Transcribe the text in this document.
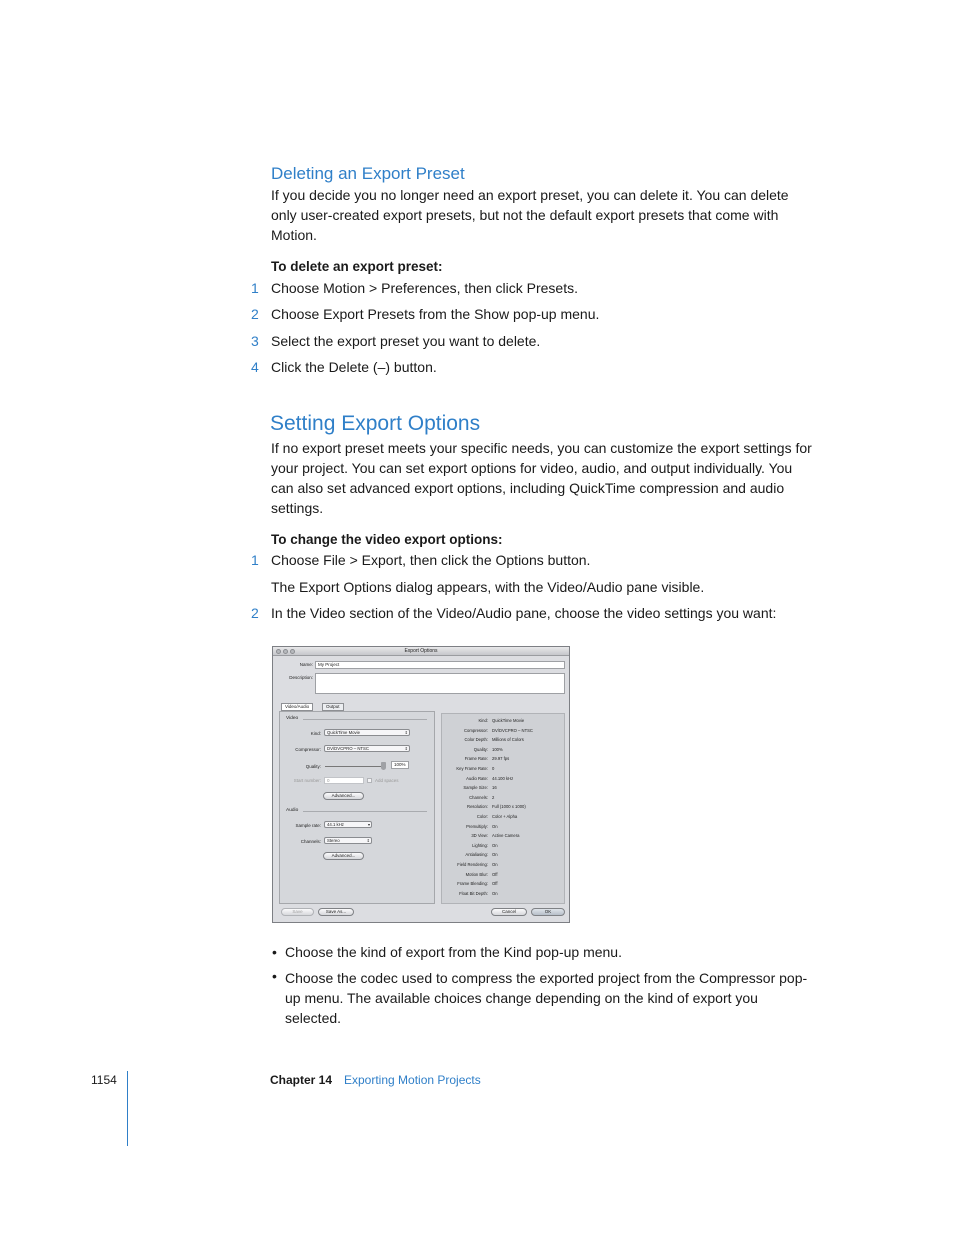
Deleting an Export Preset
If you decide you no longer need an export preset, you can delete it. You can delete
only user-created export presets, but not the default export presets that come with
Motion.
To delete an export preset:
1 Choose Motion > Preferences, then click Presets.
2 Choose Export Presets from the Show pop-up menu.
3 Select the export preset you want to delete.
4 Click the Delete (–) button.
Setting Export Options
If no export preset meets your specific needs, you can customize the export settings for
your project. You can set export options for video, audio, and output individually. You
can also set advanced export options, including QuickTime compression and audio
settings.
To change the video export options:
1 Choose File > Export, then click the Options button.
The Export Options dialog appears, with the Video/Audio pane visible.
2 In the Video section of the Video/Audio pane, choose the video settings you want:
Export Options
Name:	My Project
Description:
Video/Audio	Output
Video
Kind:	QuickTime Movie	⇕
Compressor:	DV/DVCPRO – NTSC	⇕
Quality:	100%
Start number:	0	Add spaces
Advanced...
Audio
Sample rate:	44.1 kHz	▾
Channels:	Stereo	⇕
Advanced...
Kind: QuickTime Movie
Compressor: DV/DVCPRO – NTSC
Color Depth: Millions of Colors
Quality: 100%
Frame Rate: 29.97 fps
Key Frame Rate: 0
Audio Rate: 44.100 kHz
Sample Size: 16
Channels: 2
Resolution: Full (1000 x 1000)
Color: Color + Alpha
Premultiply: On
3D View: Active Camera
Lighting: On
Antialiasing: On
Field Rendering: On
Motion Blur: Off
Frame Blending: Off
Float Bit Depth: On
Save	Save As...	Cancel	OK
• Choose the kind of export from the Kind pop-up menu.
• Choose the codec used to compress the exported project from the Compressor pop-
up menu. The available choices change depending on the kind of export you
selected.
1154	Chapter 14 Exporting Motion Projects
